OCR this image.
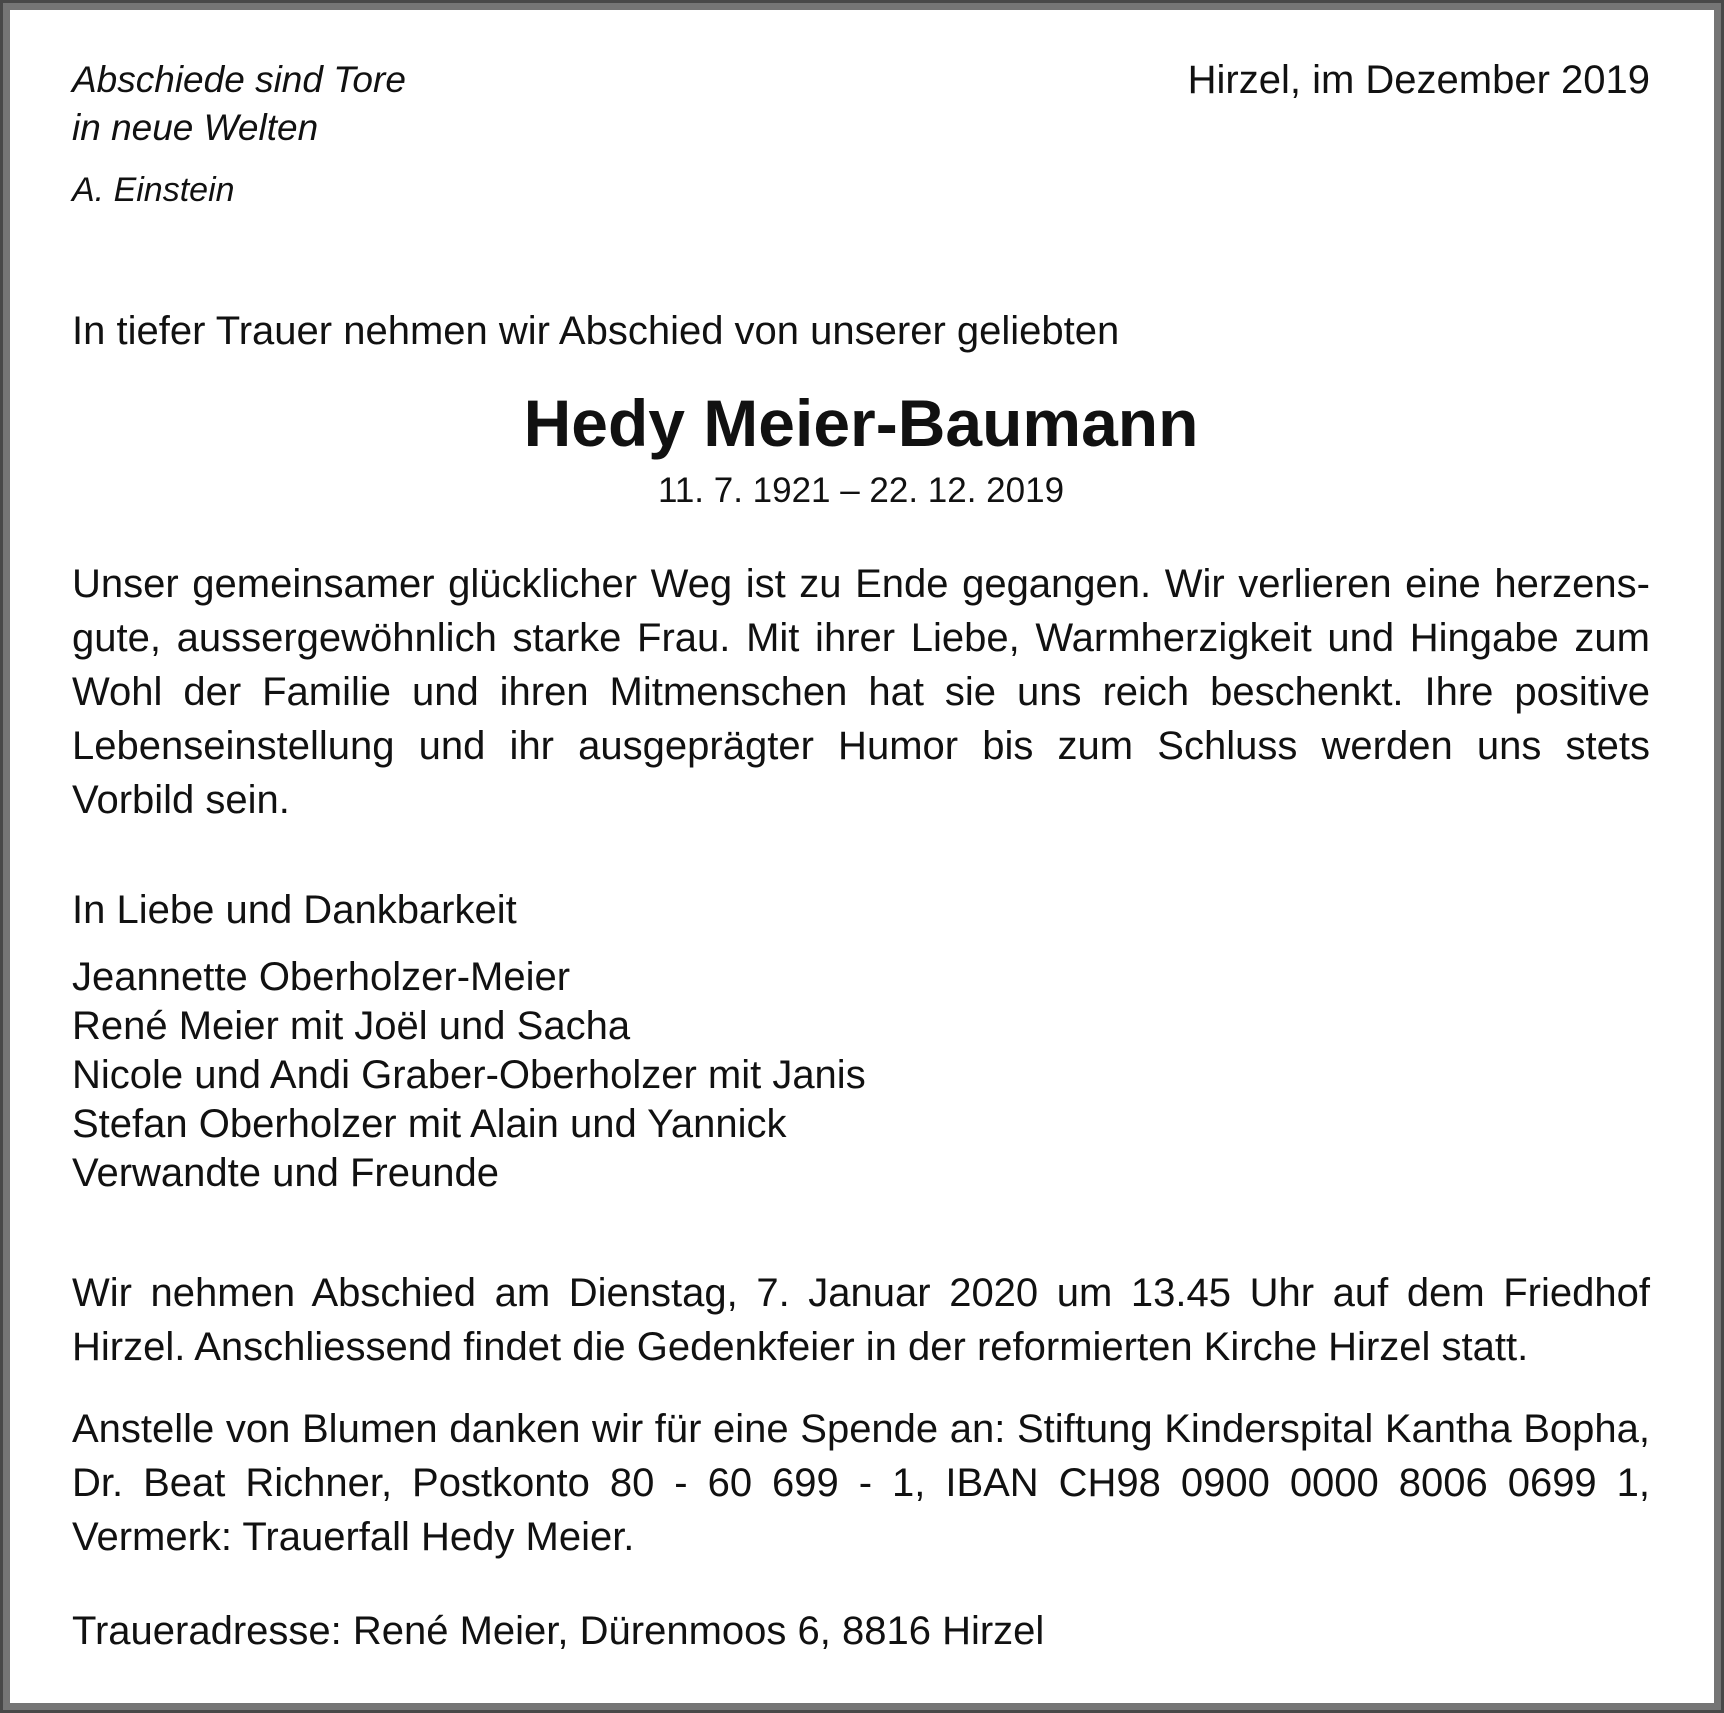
Abschiede sind Tore
in neue Welten
A. Einstein
Hirzel, im Dezember 2019
In tiefer Trauer nehmen wir Abschied von unserer geliebten
Hedy Meier-Baumann
11. 7. 1921 – 22. 12. 2019
Unser gemeinsamer glücklicher Weg ist zu Ende gegangen. Wir verlieren eine herzensgute, aussergewöhnlich starke Frau. Mit ihrer Liebe, Warmherzigkeit und Hingabe zum Wohl der Familie und ihren Mitmenschen hat sie uns reich beschenkt. Ihre positive Lebenseinstellung und ihr ausgeprägter Humor bis zum Schluss werden uns stets Vorbild sein.
In Liebe und Dankbarkeit
Jeannette Oberholzer-Meier
René Meier mit Joël und Sacha
Nicole und Andi Graber-Oberholzer mit Janis
Stefan Oberholzer mit Alain und Yannick
Verwandte und Freunde
Wir nehmen Abschied am Dienstag, 7. Januar 2020 um 13.45 Uhr auf dem Friedhof Hirzel. Anschliessend findet die Gedenkfeier in der reformierten Kirche Hirzel statt.
Anstelle von Blumen danken wir für eine Spende an: Stiftung Kinderspital Kantha Bopha, Dr. Beat Richner, Postkonto 80 - 60 699 - 1, IBAN CH98 0900 0000 8006 0699 1, Vermerk: Trauerfall Hedy Meier.
Traueradresse: René Meier, Dürenmoos 6, 8816 Hirzel
